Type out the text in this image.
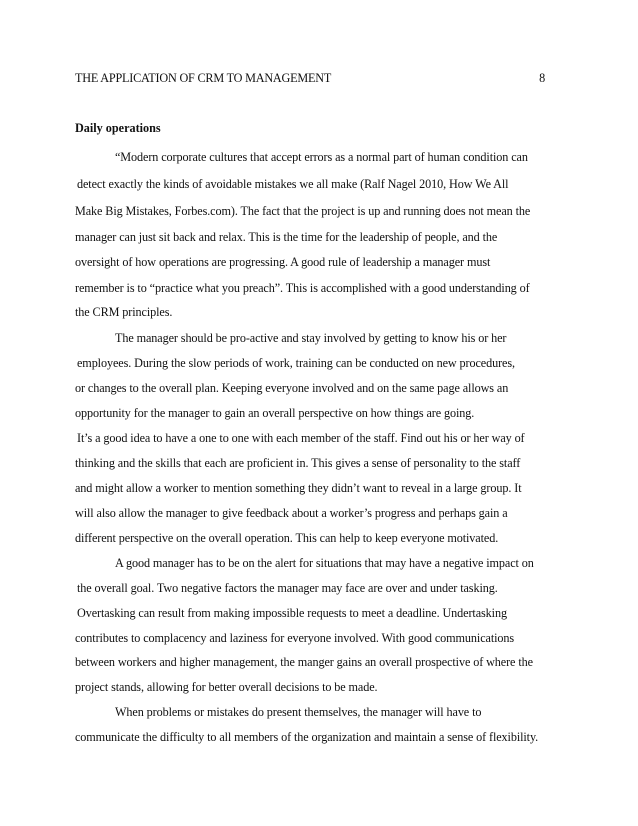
THE APPLICATION OF CRM TO MANAGEMENT	8
Daily operations
“Modern corporate cultures that accept errors as a normal part of human condition can
detect exactly the kinds of avoidable mistakes we all make (Ralf Nagel 2010, How We All
Make Big Mistakes, Forbes.com). The fact that the project is up and running does not mean the
manager can just sit back and relax. This is the time for the leadership of people, and the
oversight of how operations are progressing. A good rule of leadership a manager must
remember is to “practice what you preach”. This is accomplished with a good understanding of
the CRM principles.
The manager should be pro-active and stay involved by getting to know his or her
employees. During the slow periods of work, training can be conducted on new procedures,
or changes to the overall plan. Keeping everyone involved and on the same page allows an
opportunity for the manager to gain an overall perspective on how things are going.
It’s a good idea to have a one to one with each member of the staff. Find out his or her way of
thinking and the skills that each are proficient in. This gives a sense of personality to the staff
and might allow a worker to mention something they didn’t want to reveal in a large group. It
will also allow the manager to give feedback about a worker’s progress and perhaps gain a
different perspective on the overall operation. This can help to keep everyone motivated.
A good manager has to be on the alert for situations that may have a negative impact on
the overall goal. Two negative factors the manager may face are over and under tasking.
Overtasking can result from making impossible requests to meet a deadline. Undertasking
contributes to complacency and laziness for everyone involved. With good communications
between workers and higher management, the manger gains an overall prospective of where the
project stands, allowing for better overall decisions to be made.
When problems or mistakes do present themselves, the manager will have to
communicate the difficulty to all members of the organization and maintain a sense of flexibility.
